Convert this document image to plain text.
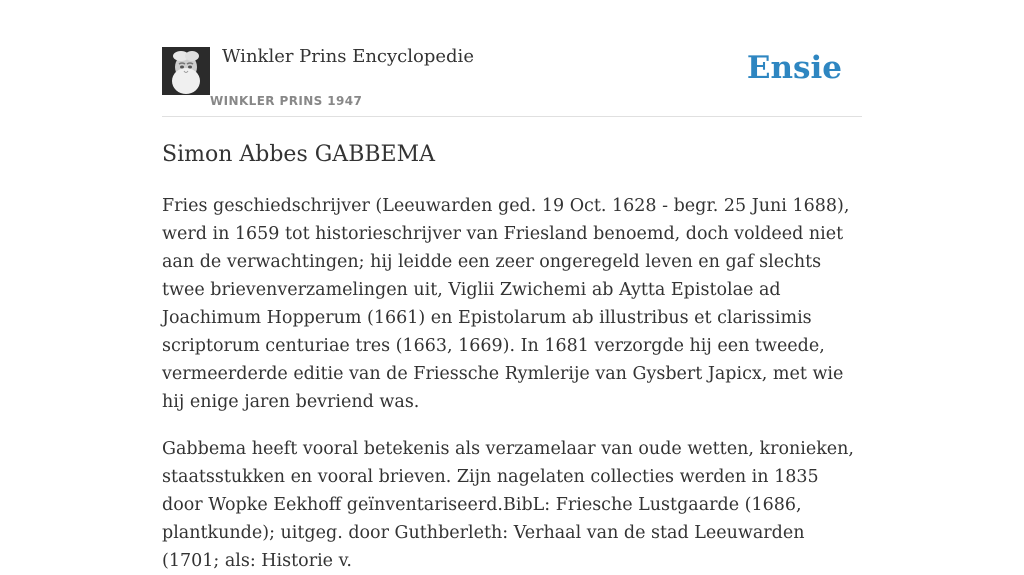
Winkler Prins Encyclopedie
WINKLER PRINS 1947
Ensie
Simon Abbes GABBEMA

Fries geschiedschrijver (Leeuwarden ged. 19 Oct. 1628 - begr. 25 Juni 1688), werd in 1659 tot historieschrijver van Friesland benoemd, doch voldeed niet aan de verwachtingen; hij leidde een zeer ongeregeld leven en gaf slechts twee brievenverzamelingen uit, Viglii Zwichemi ab Aytta Epistolae ad Joachimum Hopperum (1661) en Epistolarum ab illustribus et clarissimis scriptorum centuriae tres (1663, 1669). In 1681 verzorgde hij een tweede, vermeerderde editie van de Friessche Rymlerije van Gysbert Japicx, met wie hij enige jaren bevriend was.

Gabbema heeft vooral betekenis als verzamelaar van oude wetten, kronieken, staatsstukken en vooral brieven. Zijn nagelaten collecties werden in 1835 door Wopke Eekhoff geïnventariseerd.BibL: Friesche Lustgaarde (1686, plantkunde); uitgeg. door Guthberleth: Verhaal van de stad Leeuwarden (1701; als: Historie v.
